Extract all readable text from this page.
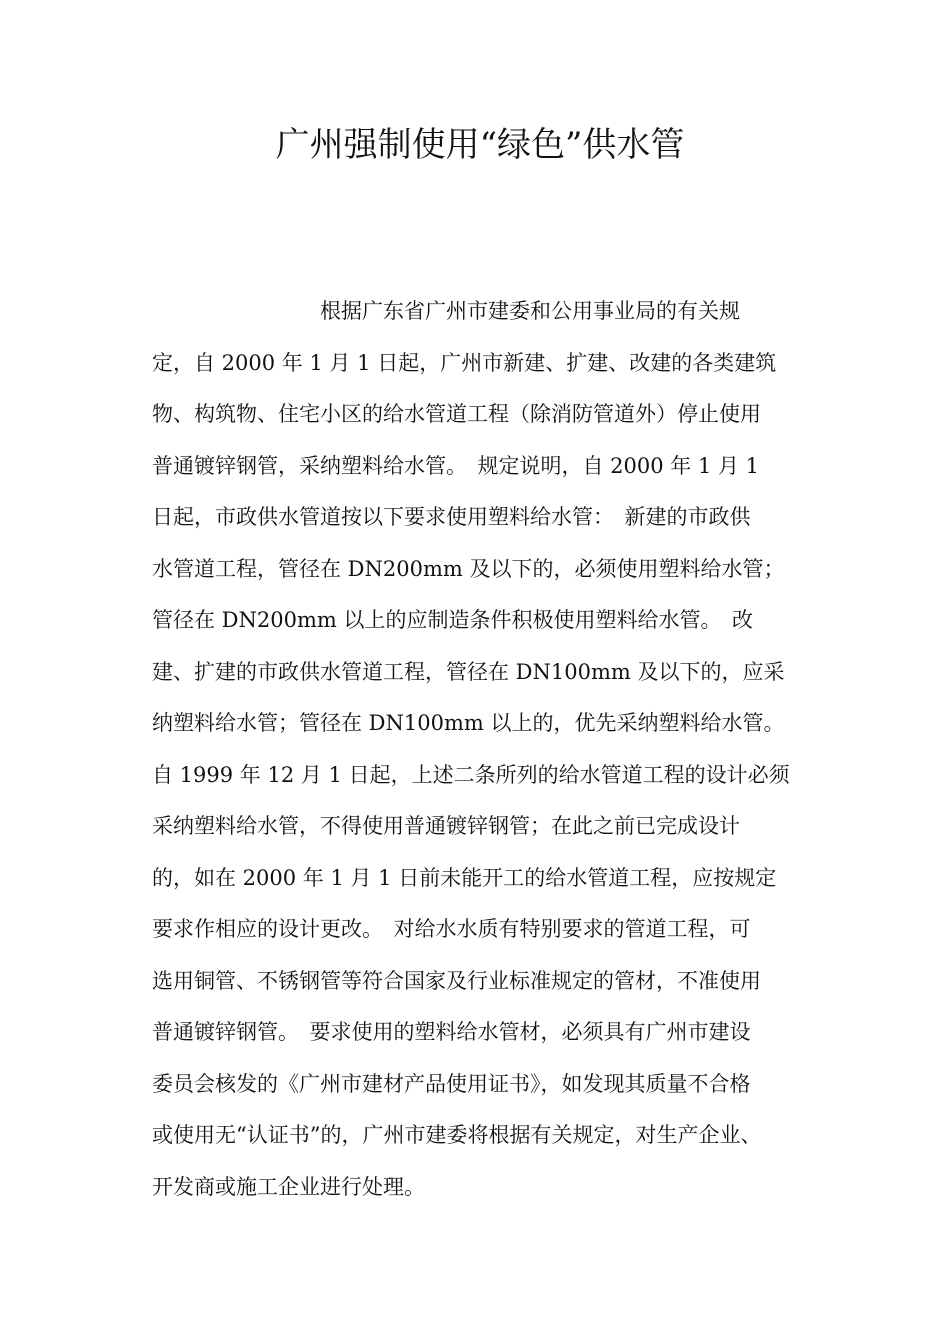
广州强制使用“绿色”供水管
根据广东省广州市建委和公用事业局的有关规
定，自 2000 年 1 月 1 日起，广州市新建、扩建、改建的各类建筑
物、构筑物、住宅小区的给水管道工程（除消防管道外）停止使用
普通镀锌钢管，采纳塑料给水管。　规定说明，自 2000 年 1 月 1
日起，市政供水管道按以下要求使用塑料给水管：　新建的市政供
水管道工程，管径在 DN200mm 及以下的，必须使用塑料给水管；
管径在 DN200mm 以上的应制造条件积极使用塑料给水管。　改
建、扩建的市政供水管道工程，管径在 DN100mm 及以下的，应采
纳塑料给水管；管径在 DN100mm 以上的，优先采纳塑料给水管。
自 1999 年 12 月 1 日起，上述二条所列的给水管道工程的设计必须
采纳塑料给水管，不得使用普通镀锌钢管；在此之前已完成设计
的，如在 2000 年 1 月 1 日前未能开工的给水管道工程，应按规定
要求作相应的设计更改。　对给水水质有特别要求的管道工程，可
选用铜管、不锈钢管等符合国家及行业标准规定的管材，不准使用
普通镀锌钢管。　要求使用的塑料给水管材，必须具有广州市建设
委员会核发的《广州市建材产品使用证书》，如发现其质量不合格
或使用无“认证书”的，广州市建委将根据有关规定，对生产企业、
开发商或施工企业进行处理。
